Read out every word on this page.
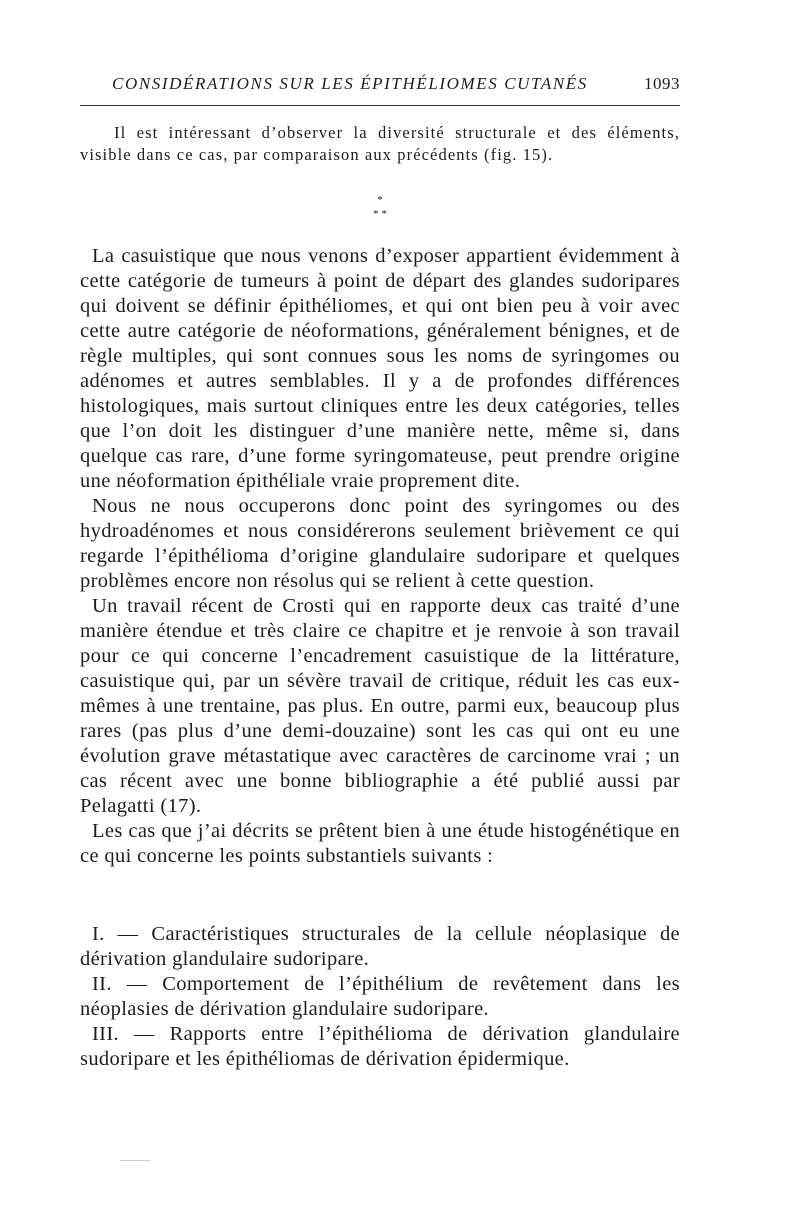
CONSIDÉRATIONS SUR LES ÉPITHÉLIOMES CUTANÉS	1093

Il est intéressant d’observer la diversité structurale et des éléments, visible dans ce cas, par comparaison aux précédents (fig. 15).

*
* *

La casuistique que nous venons d’exposer appartient évidemment à cette catégorie de tumeurs à point de départ des glandes sudoripares qui doivent se définir épithéliomes, et qui ont bien peu à voir avec cette autre catégorie de néoformations, généralement bénignes, et de règle multiples, qui sont connues sous les noms de syringomes ou adénomes et autres semblables. Il y a de profondes différences histologiques, mais surtout cliniques entre les deux catégories, telles que l’on doit les distinguer d’une manière nette, même si, dans quelque cas rare, d’une forme syringomateuse, peut prendre origine une néoformation épithéliale vraie proprement dite.

Nous ne nous occuperons donc point des syringomes ou des hydroadénomes et nous considérerons seulement brièvement ce qui regarde l’épithélioma d’origine glandulaire sudoripare et quelques problèmes encore non résolus qui se relient à cette question.

Un travail récent de Crosti qui en rapporte deux cas traité d’une manière étendue et très claire ce chapitre et je renvoie à son travail pour ce qui concerne l’encadrement casuistique de la littérature, casuistique qui, par un sévère travail de critique, réduit les cas eux-mêmes à une trentaine, pas plus. En outre, parmi eux, beaucoup plus rares (pas plus d’une demi-douzaine) sont les cas qui ont eu une évolution grave métastatique avec caractères de carcinome vrai ; un cas récent avec une bonne bibliographie a été publié aussi par Pelagatti (17).

Les cas que j’ai décrits se prêtent bien à une étude histogénétique en ce qui concerne les points substantiels suivants :

I. — Caractéristiques structurales de la cellule néoplasique de dérivation glandulaire sudoripare.

II. — Comportement de l’épithélium de revêtement dans les néoplasies de dérivation glandulaire sudoripare.

III. — Rapports entre l’épithélioma de dérivation glandulaire sudoripare et les épithéliomas de dérivation épidermique.
